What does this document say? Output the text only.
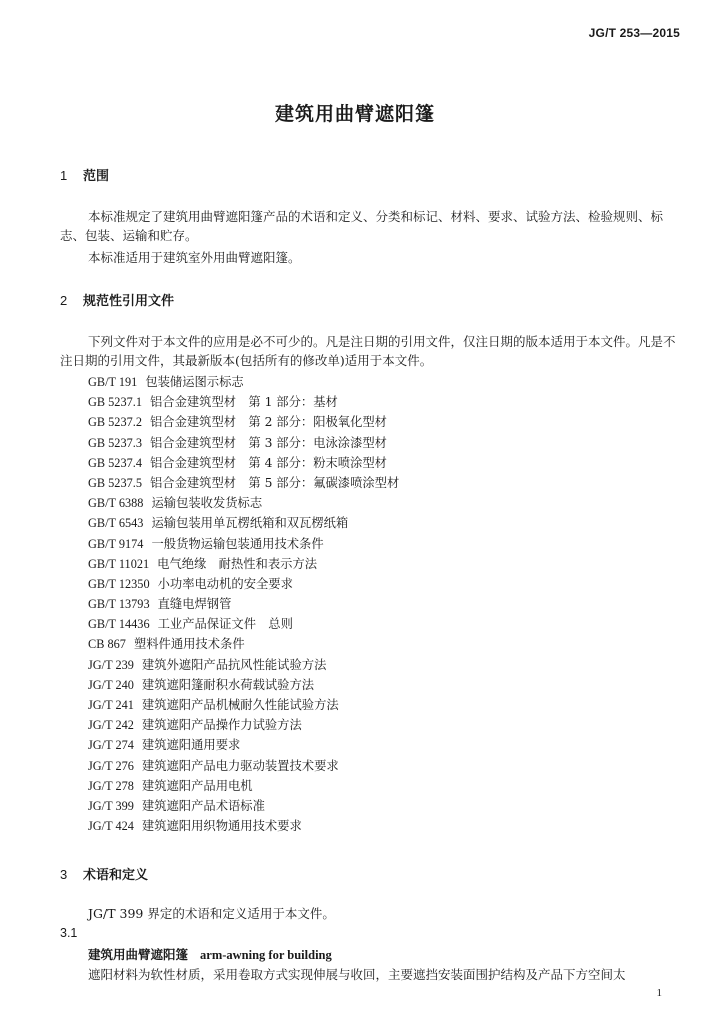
JG/T 253—2015
建筑用曲臂遮阳篷
1 范围
本标准规定了建筑用曲臂遮阳篷产品的术语和定义、分类和标记、材料、要求、试验方法、检验规则、标志、包装、运输和贮存。
本标准适用于建筑室外用曲臂遮阳篷。
2 规范性引用文件
下列文件对于本文件的应用是必不可少的。凡是注日期的引用文件，仅注日期的版本适用于本文件。凡是不注日期的引用文件，其最新版本(包括所有的修改单)适用于本文件。
GB/T 191 包装储运图示标志
GB 5237.1 铝合金建筑型材　第 1 部分：基材
GB 5237.2 铝合金建筑型材　第 2 部分：阳极氧化型材
GB 5237.3 铝合金建筑型材　第 3 部分：电泳涂漆型材
GB 5237.4 铝合金建筑型材　第 4 部分：粉末喷涂型材
GB 5237.5 铝合金建筑型材　第 5 部分：氟碳漆喷涂型材
GB/T 6388 运输包装收发货标志
GB/T 6543 运输包装用单瓦楞纸箱和双瓦楞纸箱
GB/T 9174 一般货物运输包装通用技术条件
GB/T 11021 电气绝缘　耐热性和表示方法
GB/T 12350 小功率电动机的安全要求
GB/T 13793 直缝电焊钢管
GB/T 14436 工业产品保证文件　总则
CB 867 塑料件通用技术条件
JG/T 239 建筑外遮阳产品抗风性能试验方法
JG/T 240 建筑遮阳篷耐积水荷载试验方法
JG/T 241 建筑遮阳产品机械耐久性能试验方法
JG/T 242 建筑遮阳产品操作力试验方法
JG/T 274 建筑遮阳通用要求
JG/T 276 建筑遮阳产品电力驱动装置技术要求
JG/T 278 建筑遮阳产品用电机
JG/T 399 建筑遮阳产品术语标准
JG/T 424 建筑遮阳用织物通用技术要求
3 术语和定义
JG/T 399 界定的术语和定义适用于本文件。
3.1
建筑用曲臂遮阳篷 arm-awning for building
遮阳材料为软性材质，采用卷取方式实现伸展与收回，主要遮挡安装面围护结构及产品下方空间太
1
